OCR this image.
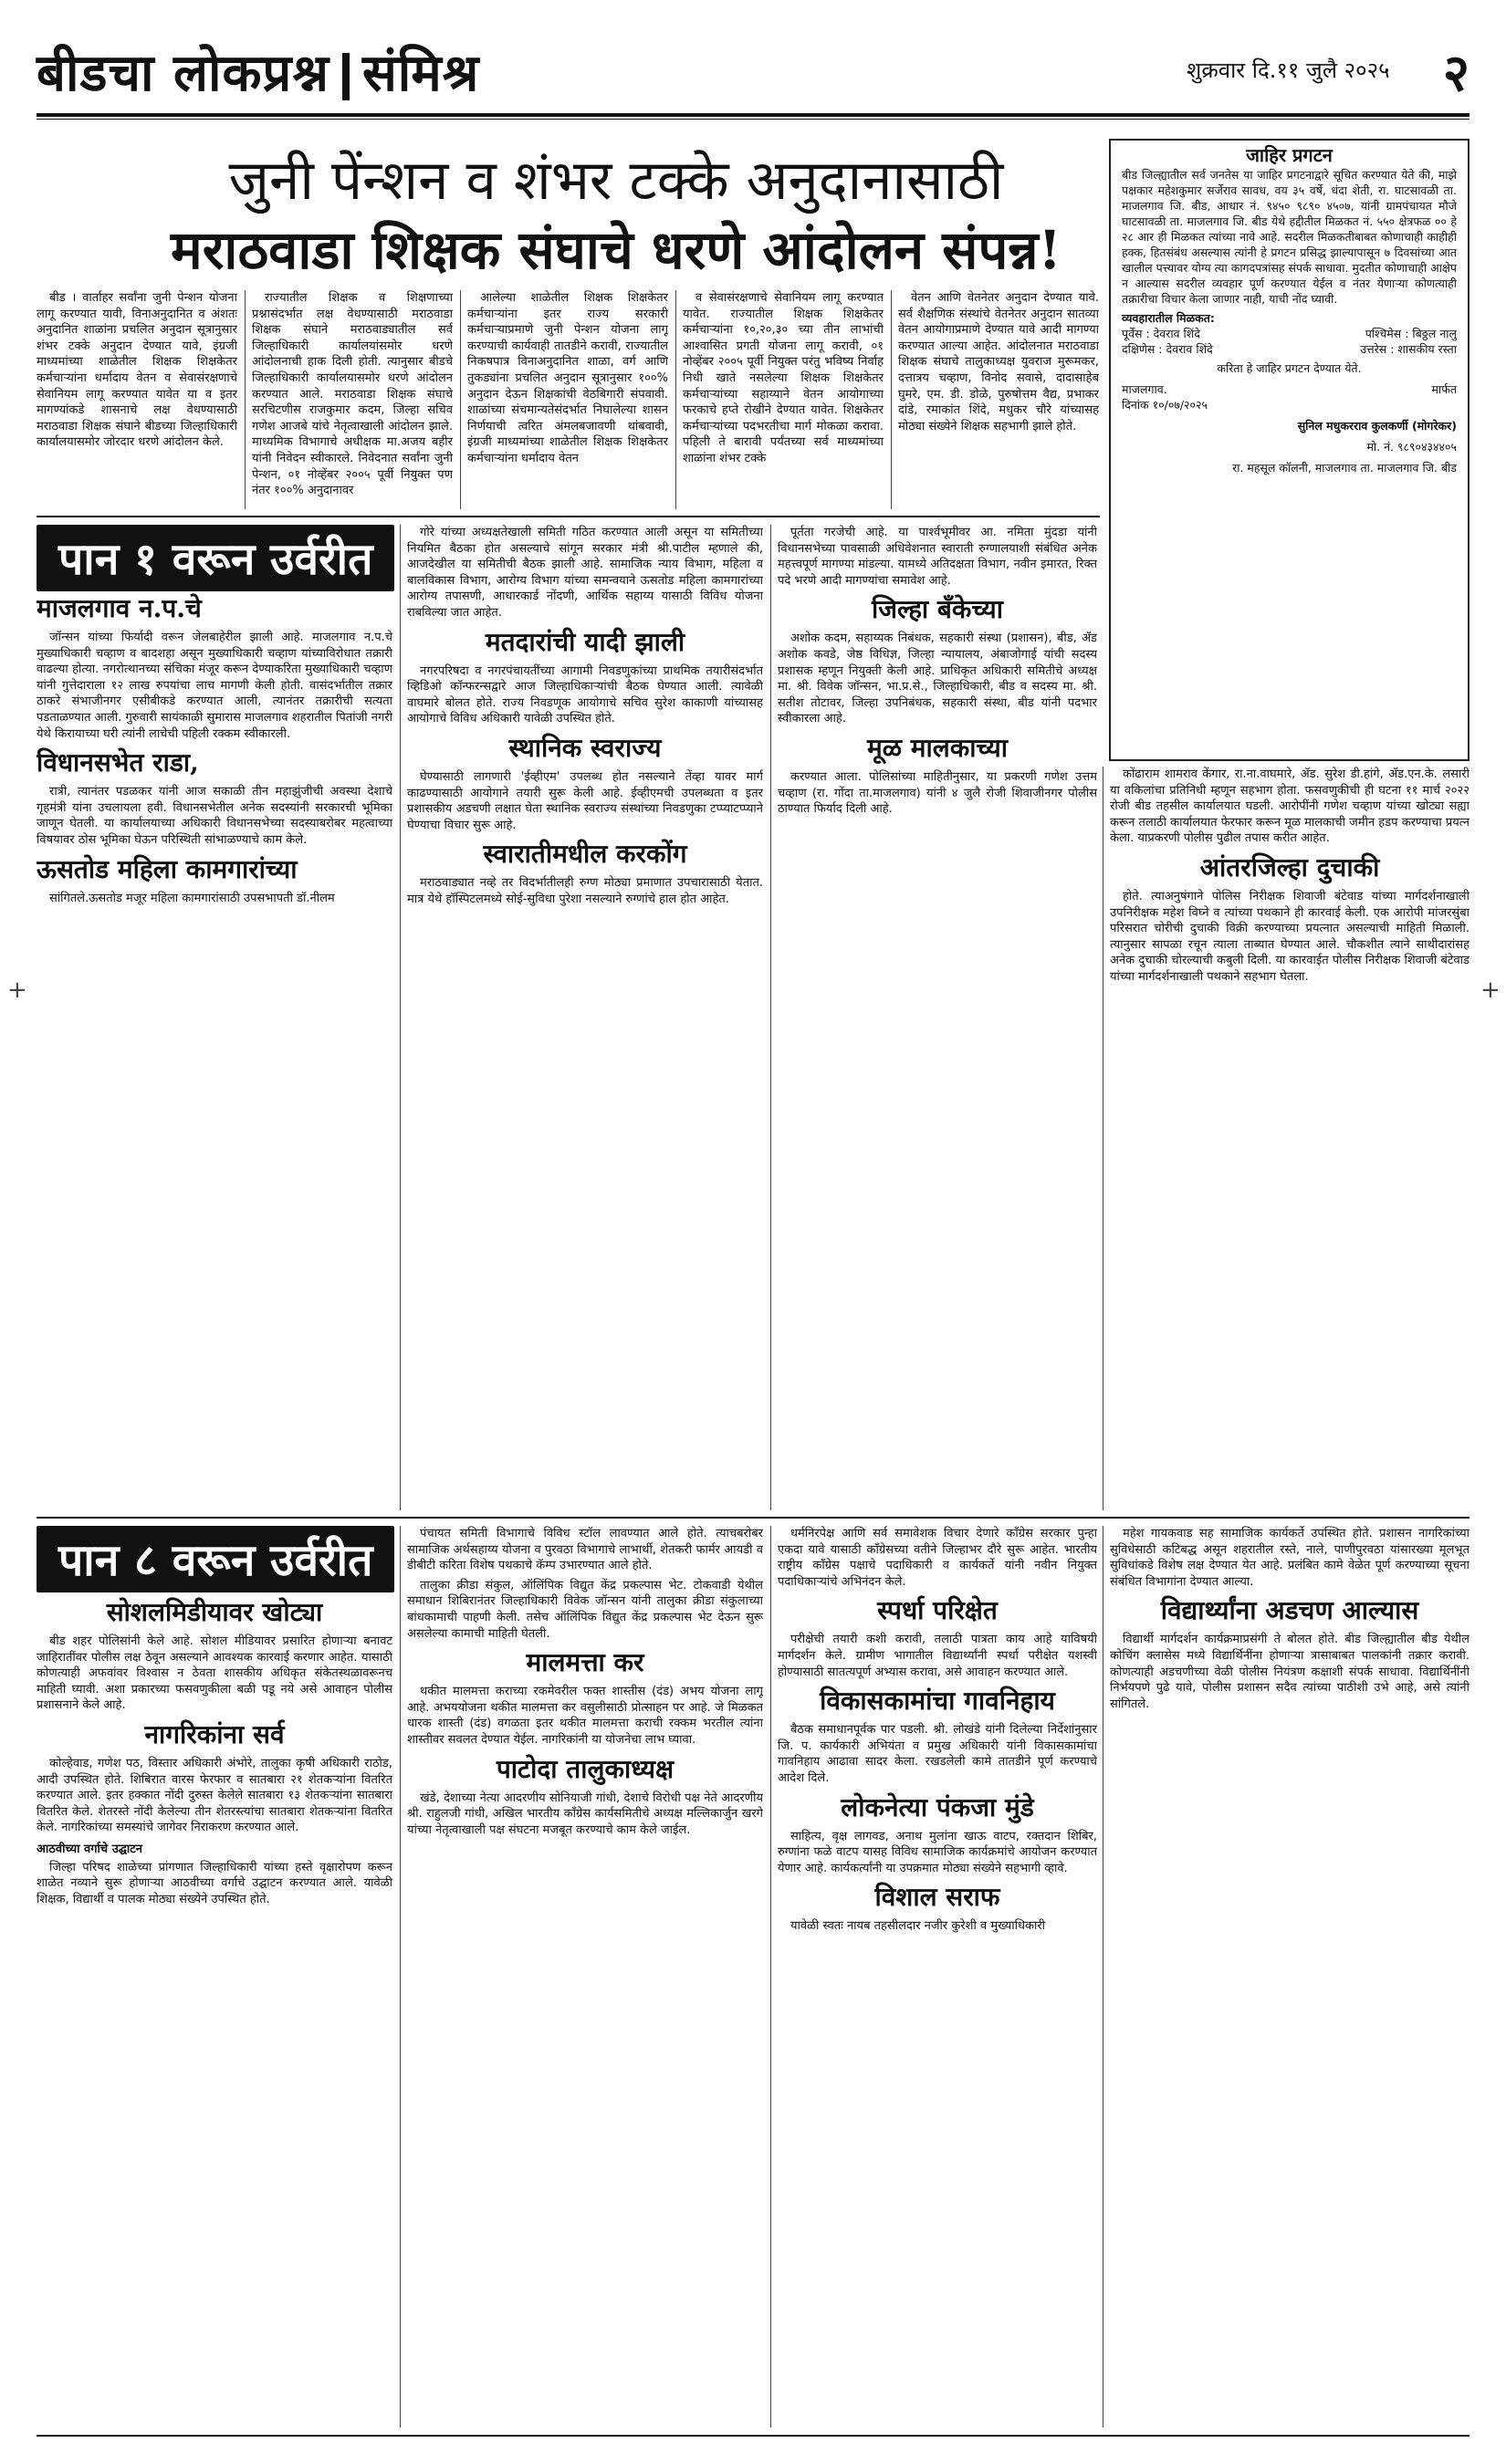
बीडचा लोकप्रश्न संमिश्र	शुक्रवार दि.११ जुलै २०२५ २
जुनी पेंन्शन व शंभर टक्के अनुदानासाठी
मराठवाडा शिक्षक संघाचे धरणे आंदोलन संपन्न!

बीड । वार्ताहर सर्वांना जुनी पेन्शन योजना लागू करण्यात यावी, विनाअनुदानित व अंशतः अनुदानित शाळांना प्रचलित अनुदान सूत्रानुसार शंभर टक्के अनुदान देण्यात यावे, इंग्रजी माध्यमांच्या शाळेतील शिक्षक शिक्षकेतर कर्मचाऱ्यांना धर्मादाय वेतन व सेवासंरक्षणाचे सेवानियम लागू करण्यात यावेत या व इतर मागण्यांकडे शासनाचे लक्ष वेधण्यासाठी मराठवाडा शिक्षक संघाने बीडच्या जिल्हाधिकारी कार्यालयासमोर जोरदार धरणे आंदोलन केले.

राज्यातील शिक्षक व शिक्षणाच्या प्रश्नासंदर्भात लक्ष वेधण्यासाठी मराठवाडा शिक्षक संघाने मराठवाड्यातील सर्व जिल्हाधिकारी कार्यालयांसमोर धरणे आंदोलनाची हाक दिली होती. त्यानुसार बीडचे जिल्हाधिकारी कार्यालयासमोर धरणे आंदोलन करण्यात आले. मराठवाडा शिक्षक संघाचे सरचिटणीस राजकुमार कदम, जिल्हा सचिव गणेश आजबे यांचे नेतृत्वाखाली आंदोलन झाले. माध्यमिक विभागाचे अधीक्षक मा.अजय बहीर यांनी निवेदन स्वीकारले. निवेदनात सर्वांना जुनी पेन्शन, ०१ नोव्हेंबर २००५ पूर्वी नियुक्त पण नंतर १००% अनुदानावर

आलेल्या शाळेतील शिक्षक शिक्षकेतर कर्मचाऱ्यांना इतर राज्य सरकारी कर्मचाऱ्याप्रमाणे जुनी पेन्शन योजना लागू करण्याची कार्यवाही तातडीने करावी, राज्यातील निकषपात्र विनाअनुदानित शाळा, वर्ग आणि तुकड्यांना प्रचलित अनुदान सूत्रानुसार १००% अनुदान देऊन शिक्षकांची वेठबिगारी संपवावी. शाळांच्या संचमान्यतेसंदर्भात निघालेल्या शासन निर्णयाची त्वरित अंमलबजावणी थांबवावी, इंग्रजी माध्यमांच्या शाळेतील शिक्षक शिक्षकेतर कर्मचाऱ्यांना धर्मादाय वेतन

व सेवासंरक्षणाचे सेवानियम लागू करण्यात यावेत. राज्यातील शिक्षक शिक्षकेतर कर्मचाऱ्यांना १०,२०,३० च्या तीन लाभांची आश्वासित प्रगती योजना लागू करावी, ०१ नोव्हेंबर २००५ पूर्वी नियुक्त परंतु भविष्य निर्वाह निधी खाते नसलेल्या शिक्षक शिक्षकेतर कर्मचाऱ्यांच्या सहाय्याने वेतन आयोगाच्या फरकाचे हप्ते रोखीने देण्यात यावेत. शिक्षकेतर कर्मचाऱ्यांच्या पदभरतीचा मार्ग मोकळा करावा. पहिली ते बारावी पर्यंतच्या सर्व माध्यमांच्या शाळांना शंभर टक्के

वेतन आणि वेतनेतर अनुदान देण्यात यावे. सर्व शैक्षणिक संस्थांचे वेतनेतर अनुदान सातव्या वेतन आयोगाप्रमाणे देण्यात यावे आदी मागण्या करण्यात आल्या आहेत. आंदोलनात मराठवाडा शिक्षक संघाचे तालुकाध्यक्ष युवराज मुरूमकर, दत्तात्रय चव्हाण, विनोद सवासे, दादासाहेब घुमरे, एम. डी. डोळे, पुरुषोत्तम वैद्य, प्रभाकर दांडे, रमाकांत शिंदे, मधुकर चौरे यांच्यासह मोठ्या संख्येने शिक्षक सहभागी झाले होते.

जाहिर प्रगटन
बीड जिल्ह्यातील सर्व जनतेस या जाहिर प्रगटनाद्वारे सूचित करण्यात येते की, माझे पक्षकार महेशकुमार सर्जेराव सावध, वय ३५ वर्षे, धंदा शेती, रा. घाटसावळी ता. माजलगाव जि. बीड, आधार नं. ९४५० ९८९० ४५०७, यांनी ग्रामपंचायत मौजे घाटसावळी ता. माजलगाव जि. बीड येथे हद्दीतील मिळकत नं. ५५० क्षेत्रफळ ०० हे २८ आर ही मिळकत त्यांच्या नावे आहे. सदरील मिळकतीबाबत कोणाचाही काहीही हक्क, हितसंबंध असल्यास त्यांनी हे प्रगटन प्रसिद्ध झाल्यापासून ७ दिवसांच्या आत खालील पत्त्यावर योग्य त्या कागदपत्रांसह संपर्क साधावा. मुदतीत कोणाचाही आक्षेप न आल्यास सदरील व्यवहार पूर्ण करण्यात येईल व नंतर येणाऱ्या कोणत्याही तक्रारीचा विचार केला जाणार नाही, याची नोंद घ्यावी.
व्यवहारातील मिळकत:
पूर्वेस : देवराव शिंदे	पश्चिमेस : बिठ्ठल नालु
दक्षिणेस : देवराव शिंदे	उत्तरेस : शासकीय रस्ता
करिता हे जाहिर प्रगटन देण्यात येते.
माजलगाव.	मार्फत
दिनांक १०/०७/२०२५
सुनिल मधुकरराव कुलकर्णी (मोगरेकर)
मो. नं. ९८९०४३४४०५
रा. महसूल कॉलनी, माजलगाव ता. माजलगाव जि. बीड
पान १ वरून उर्वरीत
माजलगाव न.प.चे

जॉन्सन यांच्या फिर्यादी वरून जेलबाहेरील झाली आहे. माजलगाव न.प.चे मुख्याधिकारी चव्हाण व बादशहा असून मुख्याधिकारी चव्हाण यांच्याविरोधात तक्रारी वाढल्या होत्या. नगरोत्थानच्या संचिका मंजूर करून देण्याकरिता मुख्याधिकारी चव्हाण यांनी गुत्तेदाराला १२ लाख रुपयांचा लाच मागणी केली होती. वासंदर्भातील तक्रार ठाकरे संभाजीनगर एसीबीकडे करण्यात आली, त्यानंतर तक्रारीची सत्यता पडताळण्यात आली. गुरुवारी सायंकाळी सुमारास माजलगाव शहरातील पितांजी नगरी येथे किरायाच्या घरी त्यांनी लाचेची पहिली रक्कम स्वीकारली.

विधानसभेत राडा,

रात्री, त्यानंतर पडळकर यांनी आज सकाळी तीन महाझुंजीची अवस्था देशाचे गृहमंत्री यांना उचलायला हवी. विधानसभेतील अनेक सदस्यांनी सरकारची भूमिका जाणून घेतली. या कार्यालयाच्या अधिकारी विधानसभेच्या सदस्याबरोबर महत्वाच्या विषयावर ठोस भूमिका घेऊन परिस्थिती सांभाळण्याचे काम केले.

ऊसतोड महिला कामगारांच्या

सांगितले.ऊसतोड मजूर महिला कामगारांसाठी उपसभापती डॉ.नीलम

गोरे यांच्या अध्यक्षतेखाली समिती गठित करण्यात आली असून या समितीच्या नियमित बैठका होत असल्याचे सांगून सरकार मंत्री श्री.पाटील म्हणाले की, आजदेखील या समितीची बैठक झाली आहे. सामाजिक न्याय विभाग, महिला व बालविकास विभाग, आरोग्य विभाग यांच्या समन्वयाने ऊसतोड महिला कामगारांच्या आरोग्य तपासणी, आधारकार्ड नोंदणी, आर्थिक सहाय्य यासाठी विविध योजना राबविल्या जात आहेत.

मतदारांची यादी झाली

नगरपरिषदा व नगरपंचायतींच्या आगामी निवडणुकांच्या प्राथमिक तयारीसंदर्भात व्हिडिओ कॉन्फरन्सद्वारे आज जिल्हाधिकाऱ्यांची बैठक घेण्यात आली. त्यावेळी वाघमारे बोलत होते. राज्य निवडणूक आयोगाचे सचिव सुरेश काकाणी यांच्यासह आयोगाचे विविध अधिकारी यावेळी उपस्थित होते.

स्थानिक स्वराज्य

घेण्यासाठी लागणारी 'ईव्हीएम' उपलब्ध होत नसल्याने तेंव्हा यावर मार्ग काढण्यासाठी आयोगाने तयारी सुरू केली आहे. ईव्हीएमची उपलब्धता व इतर प्रशासकीय अडचणी लक्षात घेता स्थानिक स्वराज्य संस्थांच्या निवडणुका टप्प्याटप्प्याने घेण्याचा विचार सुरू आहे.

स्वारातीमधील करकोंग

मराठवाड्यात नव्हे तर विदर्भातीलही रुग्ण मोठ्या प्रमाणात उपचारासाठी येतात. मात्र येथे हॉस्पिटलमध्ये सोई-सुविधा पुरेशा नसल्याने रुग्णांचे हाल होत आहेत.

पूर्तता गरजेची आहे. या पार्श्वभूमीवर आ. नमिता मुंदडा यांनी विधानसभेच्या पावसाळी अधिवेशनात स्वाराती रुग्णालयाशी संबंधित अनेक महत्त्वपूर्ण मागण्या मांडल्या. यामध्ये अतिदक्षता विभाग, नवीन इमारत, रिक्त पदे भरणे आदी मागण्यांचा समावेश आहे.

जिल्हा बँकेच्या

अशोक कदम, सहाय्यक निबंधक, सहकारी संस्था (प्रशासन), बीड, ॲड अशोक कवडे, जेष्ठ विधिज्ञ, जिल्हा न्यायालय, अंबाजोगाई यांची सदस्य प्रशासक म्हणून नियुक्ती केली आहे. प्राधिकृत अधिकारी समितीचे अध्यक्ष मा. श्री. विवेक जॉन्सन, भा.प्र.से., जिल्हाधिकारी, बीड व सदस्य मा. श्री. सतीश तोटावर, जिल्हा उपनिबंधक, सहकारी संस्था, बीड यांनी पदभार स्वीकारला आहे.

मूळ मालकाच्या

करण्यात आला. पोलिसांच्या माहितीनुसार, या प्रकरणी गणेश उत्तम चव्हाण (रा. गोंदा ता.माजलगाव) यांनी ४ जुलै रोजी शिवाजीनगर पोलीस ठाण्यात फिर्याद दिली आहे.

कोंढाराम शामराव केंगार, रा.ना.वाघमारे, ॲड. सुरेश डी.हांगे, ॲड.एन.के. लसारी या वकिलांचा प्रतिनिधी म्हणून सहभाग होता. फसवणुकीची ही घटना ११ मार्च २०२२ रोजी बीड तहसील कार्यालयात घडली. आरोपींनी गणेश चव्हाण यांच्या खोट्या सह्या करून तलाठी कार्यालयात फेरफार करून मूळ मालकाची जमीन हडप करण्याचा प्रयत्न केला. याप्रकरणी पोलीस पुढील तपास करीत आहेत.

आंतरजिल्हा दुचाकी

होते. त्याअनुषंगाने पोलिस निरीक्षक शिवाजी बंटेवाड यांच्या मार्गदर्शनाखाली उपनिरीक्षक महेश विघ्ने व त्यांच्या पथकाने ही कारवाई केली. एक आरोपी मांजरसुंबा परिसरात चोरीची दुचाकी विक्री करण्याच्या प्रयत्नात असल्याची माहिती मिळाली. त्यानुसार सापळा रचून त्याला ताब्यात घेण्यात आले. चौकशीत त्याने साथीदारांसह अनेक दुचाकी चोरल्याची कबुली दिली. या कारवाईत पोलीस निरीक्षक शिवाजी बंटेवाड यांच्या मार्गदर्शनाखाली पथकाने सहभाग घेतला.

पान ८ वरून उर्वरीत
सोशलमिडीयावर खोट्या

बीड शहर पोलिसांनी केले आहे. सोशल मीडियावर प्रसारित होणाऱ्या बनावट जाहिरातींवर पोलीस लक्ष ठेवून असल्याने आवश्यक कारवाई करणार आहेत. यासाठी कोणत्याही अफवांवर विश्वास न ठेवता शासकीय अधिकृत संकेतस्थळावरूनच माहिती घ्यावी. अशा प्रकारच्या फसवणुकीला बळी पडू नये असे आवाहन पोलीस प्रशासनाने केले आहे.

नागरिकांना सर्व

कोल्हेवाड, गणेश पठ, विस्तार अधिकारी अंभोरे, तालुका कृषी अधिकारी राठोड, आदी उपस्थित होते. शिबिरात वारस फेरफार व सातबारा २१ शेतकऱ्यांना वितरित करण्यात आले. इतर हक्कात नोंदी दुरुस्त केलेले सातबारा १३ शेतकऱ्यांना सातबारा वितरित केले. शेतरस्ते नोंदी केलेल्या तीन शेतरस्त्यांचा सातबारा शेतकऱ्यांना वितरित केले. नागरिकांच्या समस्यांचे जागेवर निराकरण करण्यात आले.

आठवीच्या वर्गाचे उद्घाटन

जिल्हा परिषद शाळेच्या प्रांगणात जिल्हाधिकारी यांच्या हस्ते वृक्षारोपण करून शाळेत नव्याने सुरू होणाऱ्या आठवीच्या वर्गाचे उद्घाटन करण्यात आले. यावेळी शिक्षक, विद्यार्थी व पालक मोठ्या संख्येने उपस्थित होते.

पंचायत समिती विभागाचे विविध स्टॉल लावण्यात आले होते. त्याचबरोबर सामाजिक अर्थसहाय्य योजना व पुरवठा विभागाचे लाभार्थी, शेतकरी फार्मर आयडी व डीबीटी करिता विशेष पथकाचे कॅम्प उभारण्यात आले होते.

तालुका क्रीडा संकुल, ऑलिंपिक विद्युत केंद्र प्रकल्पास भेट. टोकवाडी येथील समाधान शिबिरानंतर जिल्हाधिकारी विवेक जॉन्सन यांनी तालुका क्रीडा संकुलाच्या बांधकामाची पाहणी केली. तसेच ऑलिंपिक विद्युत केंद्र प्रकल्पास भेट देऊन सुरू असलेल्या कामाची माहिती घेतली.

मालमत्ता कर

थकीत मालमत्ता कराच्या रकमेवरील फक्त शास्तीस (दंड) अभय योजना लागू आहे. अभययोजना थकीत मालमत्ता कर वसुलीसाठी प्रोत्साहन पर आहे. जे मिळकत धारक शास्ती (दंड) वगळता इतर थकीत मालमत्ता कराची रक्कम भरतील त्यांना शास्तीवर सवलत देण्यात येईल. नागरिकांनी या योजनेचा लाभ घ्यावा.

पाटोदा तालुकाध्यक्ष

खंडे, देशाच्या नेत्या आदरणीय सोनियाजी गांधी, देशाचे विरोधी पक्ष नेते आदरणीय श्री. राहुलजी गांधी, अखिल भारतीय काँग्रेस कार्यसमितीचे अध्यक्ष मल्लिकार्जुन खरगे यांच्या नेतृत्वाखाली पक्ष संघटना मजबूत करण्याचे काम केले जाईल.

धर्मनिरपेक्ष आणि सर्व समावेशक विचार देणारे काँग्रेस सरकार पुन्हा एकदा यावे यासाठी काँग्रेसच्या वतीने जिल्हाभर दौरे सुरू आहेत. भारतीय राष्ट्रीय काँग्रेस पक्षाचे पदाधिकारी व कार्यकर्ते यांनी नवीन नियुक्त पदाधिकाऱ्यांचे अभिनंदन केले.

स्पर्धा परिक्षेत

परीक्षेची तयारी कशी करावी, तलाठी पात्रता काय आहे याविषयी मार्गदर्शन केले. ग्रामीण भागातील विद्यार्थ्यांनी स्पर्धा परीक्षेत यशस्वी होण्यासाठी सातत्यपूर्ण अभ्यास करावा, असे आवाहन करण्यात आले.

विकासकामांचा गावनिहाय

बैठक समाधानपूर्वक पार पडली. श्री. लोखंडे यांनी दिलेल्या निर्देशांनुसार जि. प. कार्यकारी अभियंता व प्रमुख अधिकारी यांनी विकासकामांचा गावनिहाय आढावा सादर केला. रखडलेली कामे तातडीने पूर्ण करण्याचे आदेश दिले.

लोकनेत्या पंकजा मुंडे

साहित्य, वृक्ष लागवड, अनाथ मुलांना खाऊ वाटप, रक्तदान शिबिर, रुग्णांना फळे वाटप यासह विविध सामाजिक कार्यक्रमांचे आयोजन करण्यात येणार आहे. कार्यकर्त्यांनी या उपक्रमात मोठ्या संख्येने सहभागी व्हावे.

विशाल सराफ

यावेळी स्वतः नायब तहसीलदार नजीर कुरेशी व मुख्याधिकारी

महेश गायकवाड सह सामाजिक कार्यकर्ते उपस्थित होते. प्रशासन नागरिकांच्या सुविधेसाठी कटिबद्ध असून शहरातील रस्ते, नाले, पाणीपुरवठा यांसारख्या मूलभूत सुविधांकडे विशेष लक्ष देण्यात येत आहे. प्रलंबित कामे वेळेत पूर्ण करण्याच्या सूचना संबंधित विभागांना देण्यात आल्या.

विद्यार्थ्यांना अडचण आल्यास

विद्यार्थी मार्गदर्शन कार्यक्रमाप्रसंगी ते बोलत होते. बीड जिल्ह्यातील बीड येथील कोचिंग क्लासेस मध्ये विद्यार्थिनींना होणाऱ्या त्रासाबाबत पालकांनी तक्रार करावी. कोणत्याही अडचणीच्या वेळी पोलीस नियंत्रण कक्षाशी संपर्क साधावा. विद्यार्थिनींनी निर्भयपणे पुढे यावे, पोलीस प्रशासन सदैव त्यांच्या पाठीशी उभे आहे, असे त्यांनी सांगितले.

+	+
